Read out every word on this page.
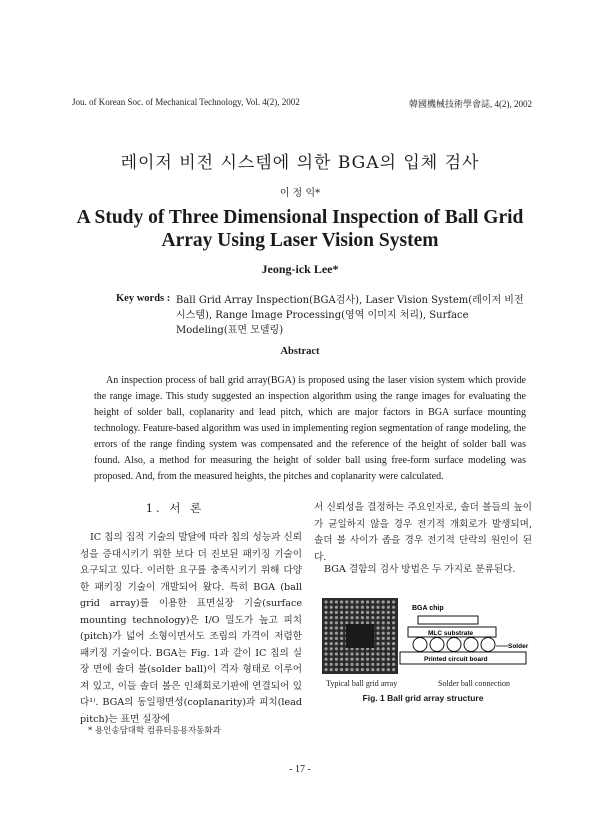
Jou. of Korean Soc. of Mechanical Technology, Vol. 4(2), 2002	韓國機械技術學會誌, 4(2), 2002
레이저 비전 시스템에 의한 BGA의 입체 검사
이 정 익*
A Study of Three Dimensional Inspection of Ball Grid Array Using Laser Vision System
Jeong-ick Lee*
Key words : Ball Grid Array Inspection(BGA검사), Laser Vision System(레이저 비전 시스템), Range Image Processing(영역 이미지 처리), Surface Modeling(표면 모델링)
Abstract

An inspection process of ball grid array(BGA) is proposed using the laser vision system which provide the range image. This study suggested an inspection algorithm using the range images for evaluating the height of solder ball, coplanarity and lead pitch, which are major factors in BGA surface mounting technology. Feature-based algorithm was used in implementing region segmentation of range modeling, the errors of the range finding system was compensated and the reference of the height of solder ball was found. Also, a method for measuring the height of solder ball using free-form surface modeling was proposed. And, from the measured heights, the pitches and coplanarity were calculated.

1. 서 론

IC 칩의 집적 기술의 발달에 따라 칩의 성능과 신뢰성을 증대시키기 위한 보다 더 진보된 패키징 기술이 요구되고 있다. 이러한 요구를 충족시키기 위해 다양한 패키징 기술이 개발되어 왔다. 특히 BGA (ball grid array)를 이용한 표면실장 기술(surface mounting technology)은 I/O 밀도가 높고 피치(pitch)가 넓어 소형이면서도 조립의 가격이 저렴한 패키징 기술이다. BGA는 Fig. 1과 같이 IC 칩의 실장 면에 솔더 볼(solder ball)이 격자 형태로 이루어져 있고, 이들 솔더 볼은 인쇄회로기판에 연결되어 있다¹⁾. BGA의 동일평면성(coplanarity)과 피치(lead pitch)는 표면 실장에

서 신뢰성을 결정하는 주요인자로, 솔더 볼들의 높이가 균일하지 않을 경우 전기적 개회로가 발생되며, 솔더 볼 사이가 좁을 경우 전기적 단락의 원인이 된다.

BGA 결함의 검사 방법은 두 가지로 분류된다.

BGA chip
MLC substrate
Solder
Printed circuit board
Typical ball grid array	Solder ball connection
Fig. 1 Ball grid array structure
* 용인송담대학 컴퓨터응용자동화과
- 17 -
